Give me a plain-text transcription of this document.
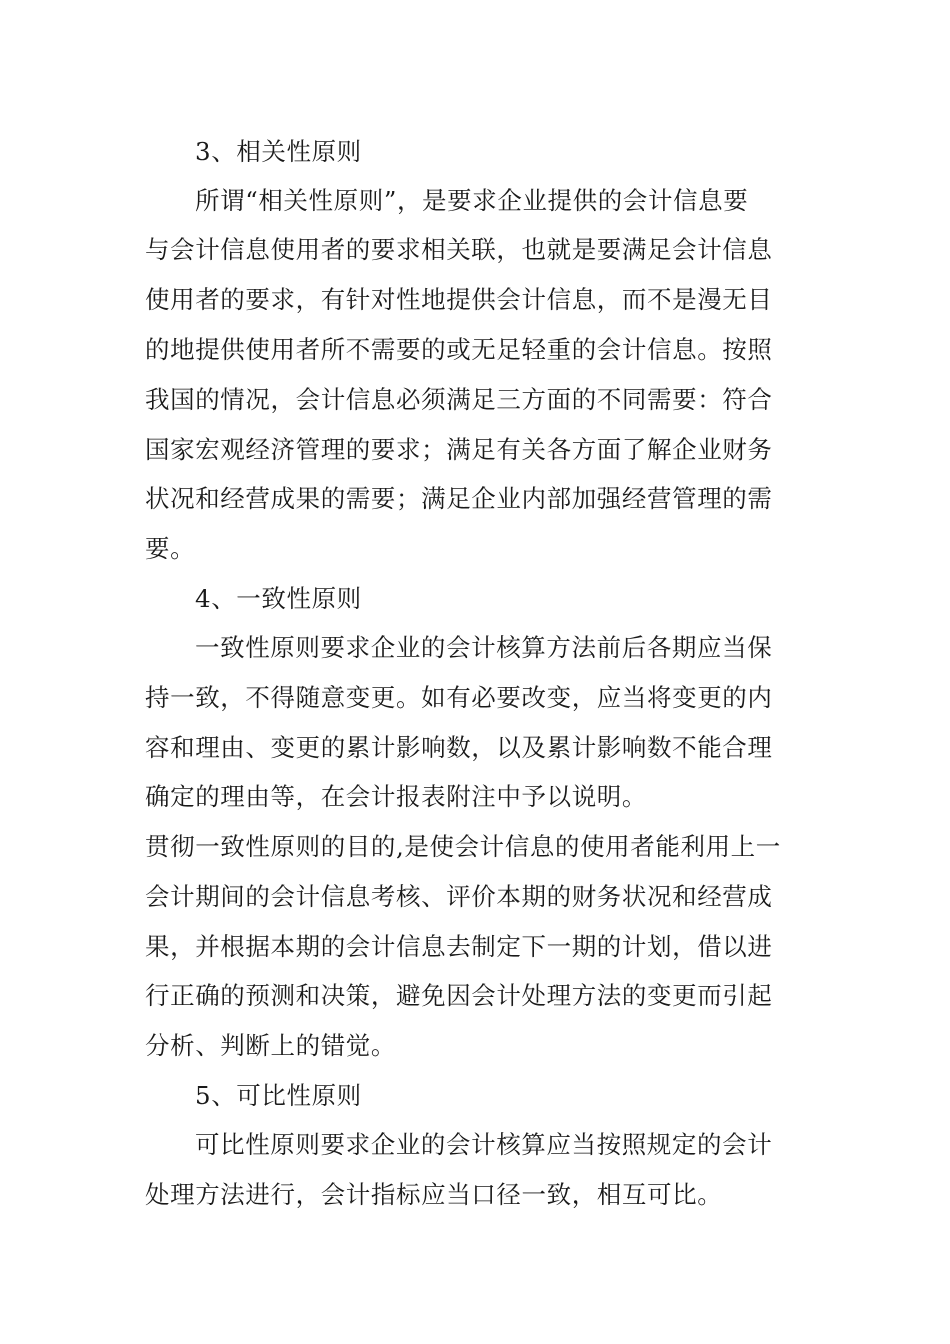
3、相关性原则
所谓“相关性原则”，是要求企业提供的会计信息要
与会计信息使用者的要求相关联，也就是要满足会计信息
使用者的要求，有针对性地提供会计信息，而不是漫无目
的地提供使用者所不需要的或无足轻重的会计信息。按照
我国的情况，会计信息必须满足三方面的不同需要：符合
国家宏观经济管理的要求；满足有关各方面了解企业财务
状况和经营成果的需要；满足企业内部加强经营管理的需
要。
4、一致性原则
一致性原则要求企业的会计核算方法前后各期应当保
持一致，不得随意变更。如有必要改变，应当将变更的内
容和理由、变更的累计影响数，以及累计影响数不能合理
确定的理由等，在会计报表附注中予以说明。
贯彻一致性原则的目的,是使会计信息的使用者能利用上一
会计期间的会计信息考核、评价本期的财务状况和经营成
果，并根据本期的会计信息去制定下一期的计划，借以进
行正确的预测和决策，避免因会计处理方法的变更而引起
分析、判断上的错觉。
5、可比性原则
可比性原则要求企业的会计核算应当按照规定的会计
处理方法进行，会计指标应当口径一致，相互可比。
